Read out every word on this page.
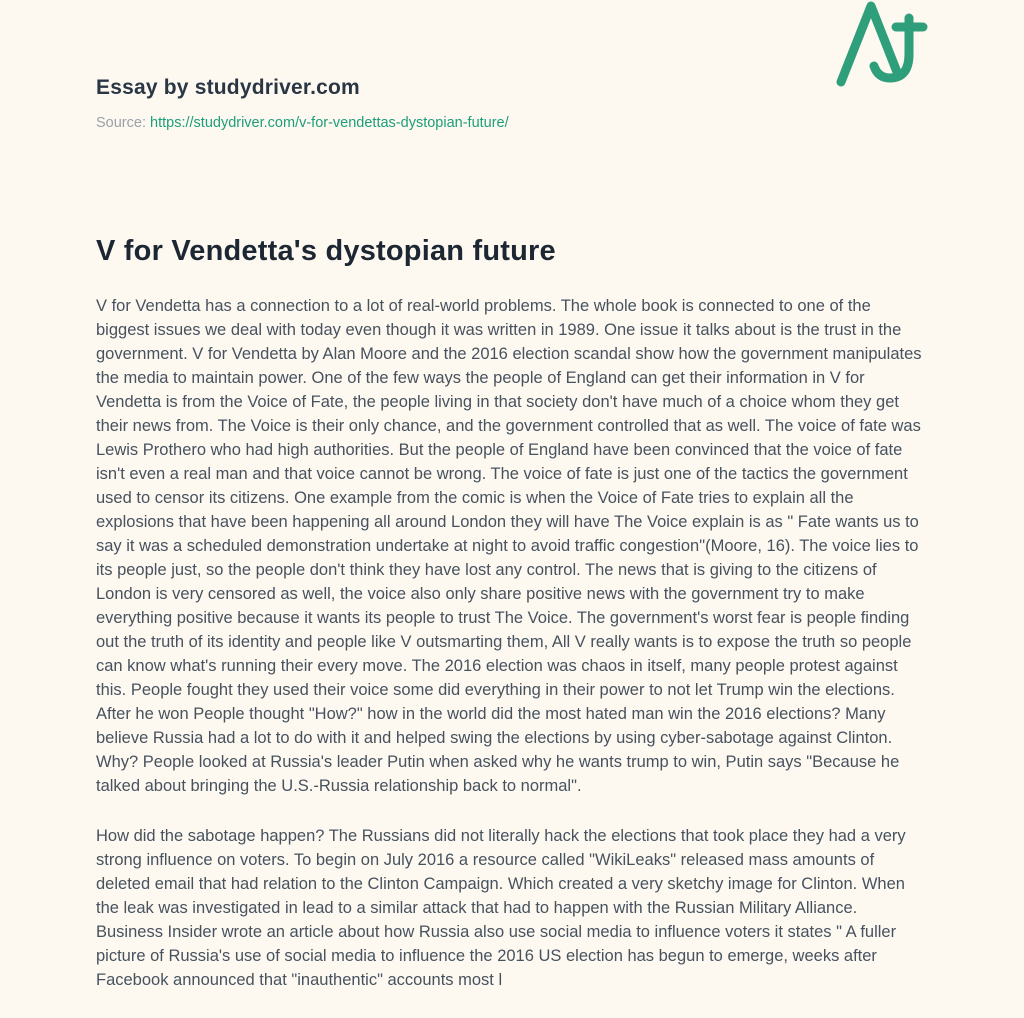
Essay by studydriver.com
Source: https://studydriver.com/v-for-vendettas-dystopian-future/
V for Vendetta's dystopian future

V for Vendetta has a connection to a lot of real-world problems. The whole book is connected to one of the biggest issues we deal with today even though it was written in 1989. One issue it talks about is the trust in the government. V for Vendetta by Alan Moore and the 2016 election scandal show how the government manipulates the media to maintain power. One of the few ways the people of England can get their information in V for Vendetta is from the Voice of Fate, the people living in that society don't have much of a choice whom they get their news from. The Voice is their only chance, and the government controlled that as well. The voice of fate was Lewis Prothero who had high authorities. But the people of England have been convinced that the voice of fate isn't even a real man and that voice cannot be wrong. The voice of fate is just one of the tactics the government used to censor its citizens. One example from the comic is when the Voice of Fate tries to explain all the explosions that have been happening all around London they will have The Voice explain is as " Fate wants us to say it was a scheduled demonstration undertake at night to avoid traffic congestion"(Moore, 16). The voice lies to its people just, so the people don't think they have lost any control. The news that is giving to the citizens of London is very censored as well, the voice also only share positive news with the government try to make everything positive because it wants its people to trust The Voice. The government's worst fear is people finding out the truth of its identity and people like V outsmarting them, All V really wants is to expose the truth so people can know what's running their every move. The 2016 election was chaos in itself, many people protest against this. People fought they used their voice some did everything in their power to not let Trump win the elections. After he won People thought "How?" how in the world did the most hated man win the 2016 elections? Many believe Russia had a lot to do with it and helped swing the elections by using cyber-sabotage against Clinton. Why? People looked at Russia's leader Putin when asked why he wants trump to win, Putin says "Because he talked about bringing the U.S.-Russia relationship back to normal".

How did the sabotage happen? The Russians did not literally hack the elections that took place they had a very strong influence on voters. To begin on July 2016 a resource called "WikiLeaks" released mass amounts of deleted email that had relation to the Clinton Campaign. Which created a very sketchy image for Clinton. When the leak was investigated in lead to a similar attack that had to happen with the Russian Military Alliance. Business Insider wrote an article about how Russia also use social media to influence voters it states " A fuller picture of Russia's use of social media to influence the 2016 US election has begun to emerge, weeks after Facebook announced that "inauthentic" accounts most l
